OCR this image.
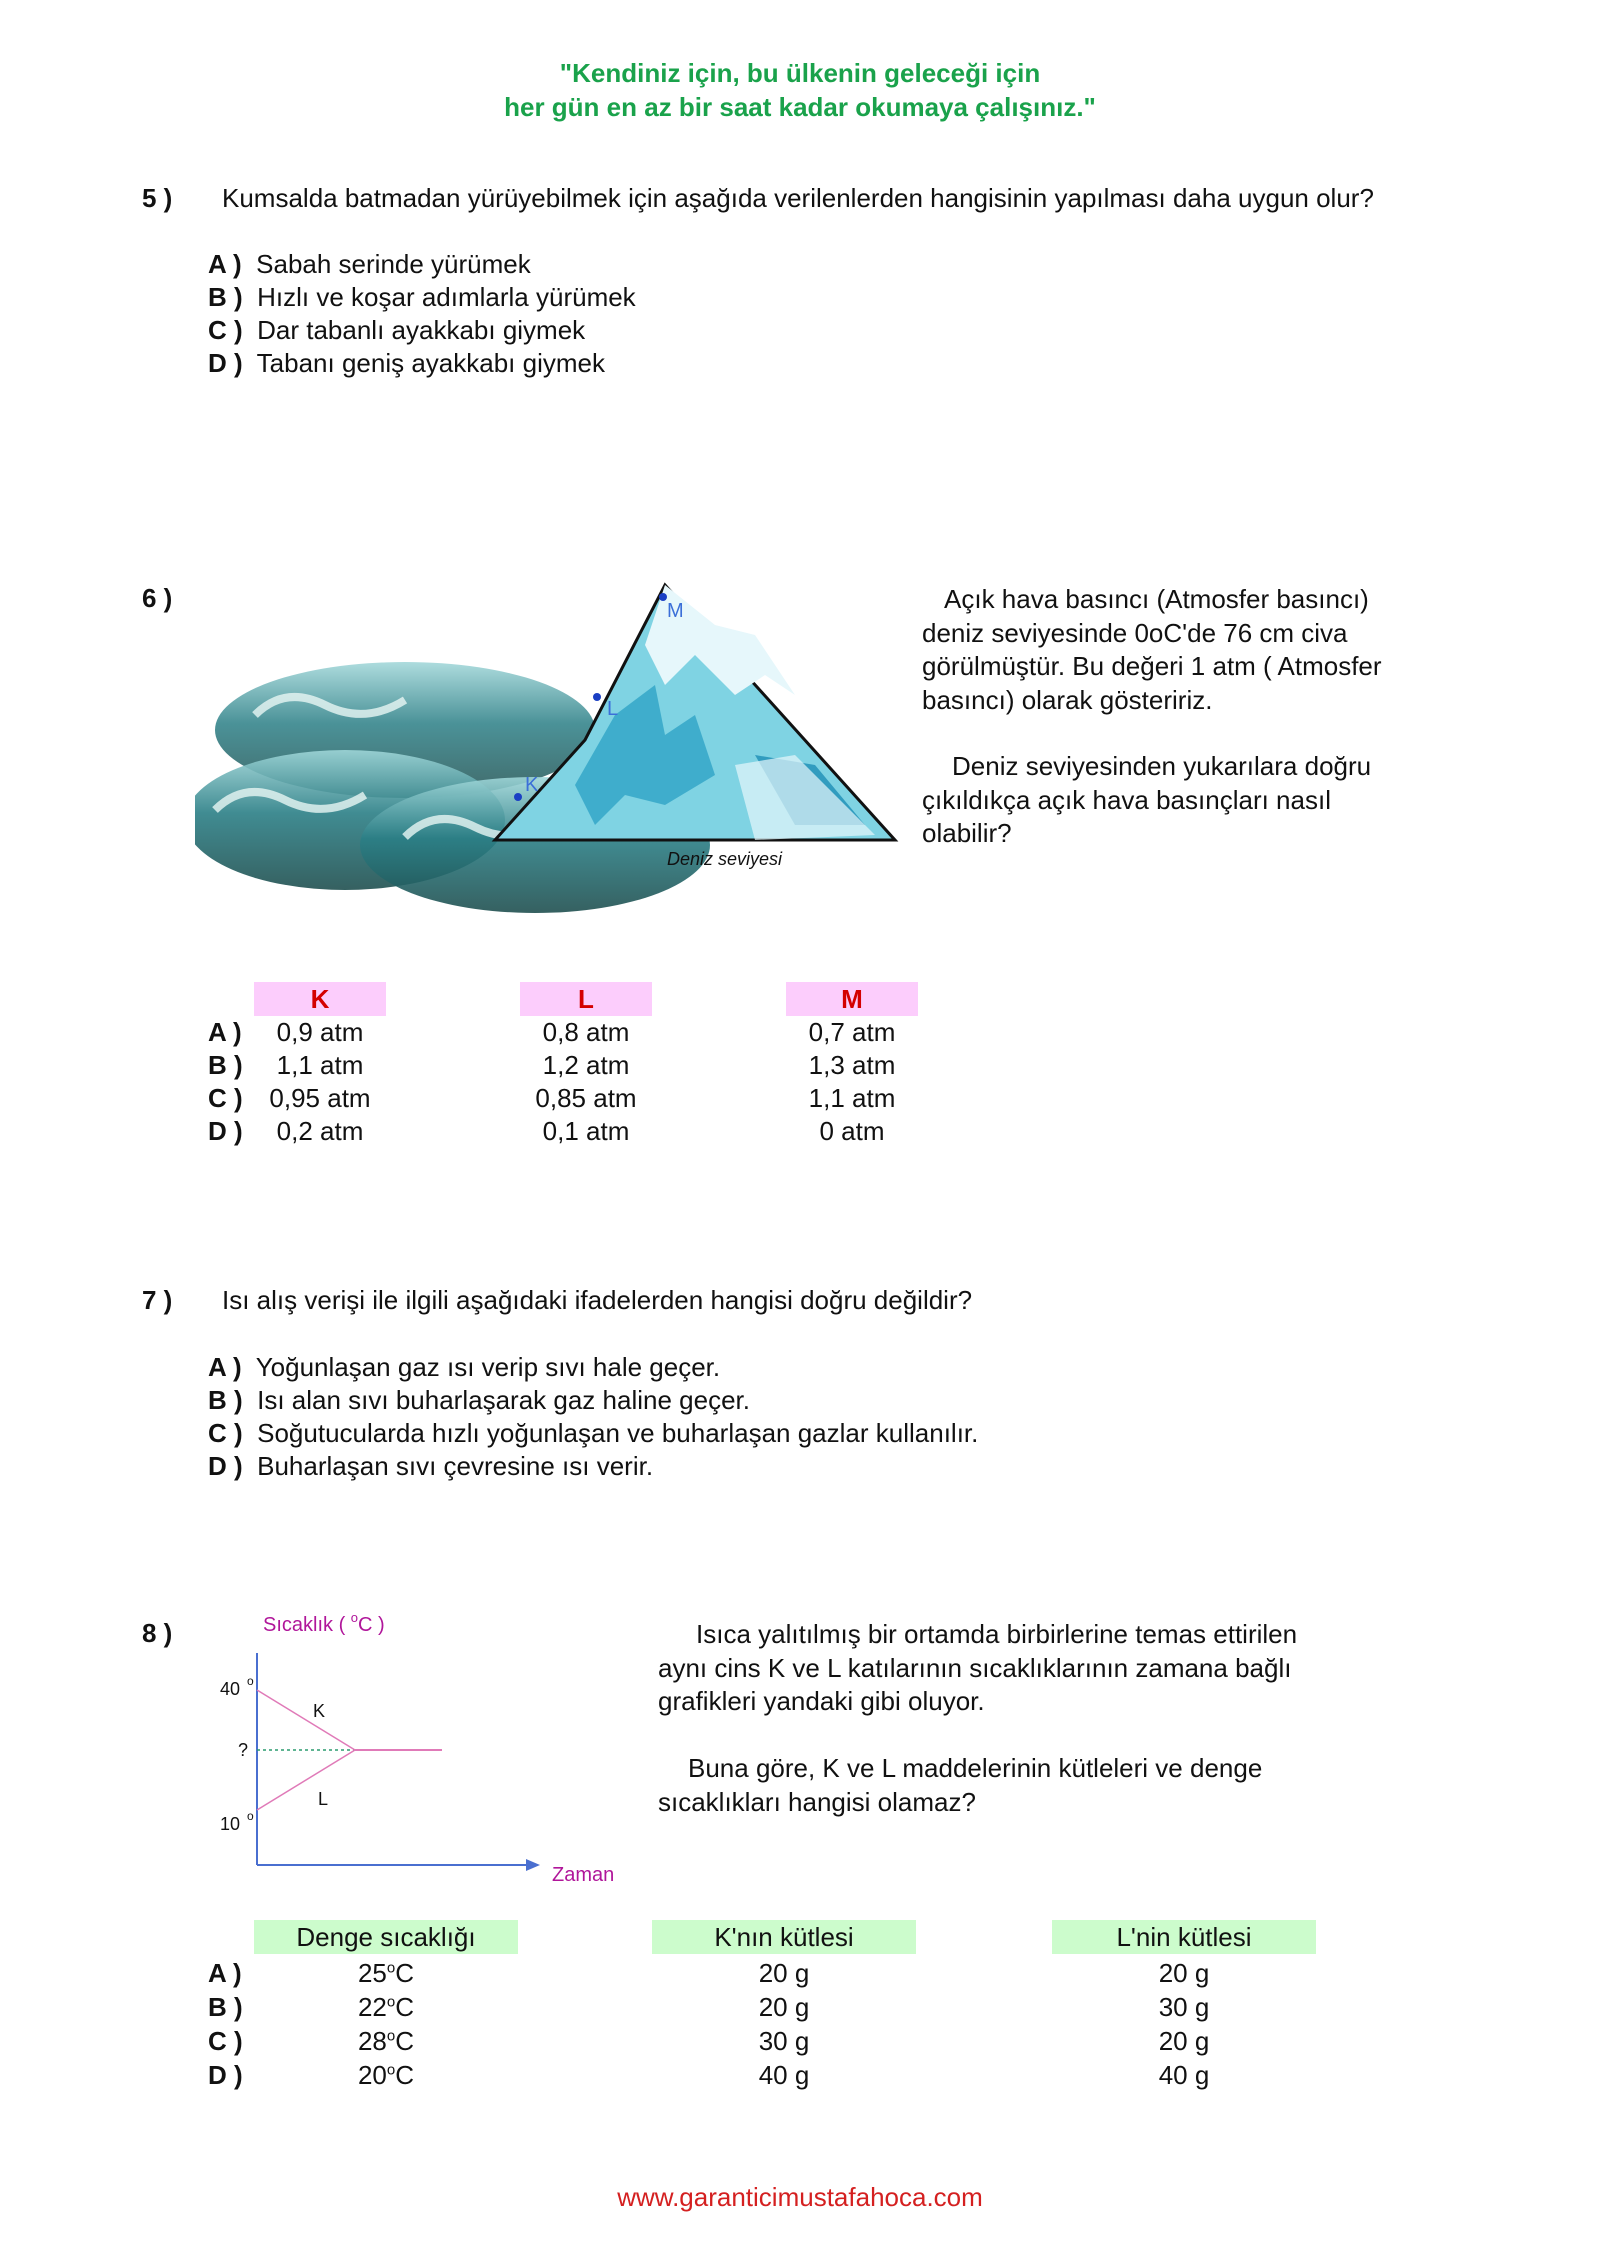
"Kendiniz için, bu ülkenin geleceği için
her gün en az bir saat kadar okumaya çalışınız."
5 ) Kumsalda batmadan yürüyebilmek için aşağıda verilenlerden hangisinin yapılması daha uygun olur?
A ) Sabah serinde yürümek
B ) Hızlı ve koşar adımlarla yürümek
C ) Dar tabanlı ayakkabı giymek
D ) Tabanı geniş ayakkabı giymek
6 )	M
L
K
Deniz seviyesi
Açık hava basıncı (Atmosfer basıncı) deniz seviyesinde 0oC'de 76 cm civa görülmüştür. Bu değeri 1 atm ( Atmosfer basıncı) olarak gösteririz.
Deniz seviyesinden yukarılara doğru çıkıldıkça açık hava basınçları nasıl olabilir?
K	L	M
A )	0,9 atm	0,8 atm	0,7 atm
B )	1,1 atm	1,2 atm	1,3 atm
C )	0,95 atm	0,85 atm	1,1 atm
D )	0,2 atm	0,1 atm	0 atm
7 ) Isı alış verişi ile ilgili aşağıdaki ifadelerden hangisi doğru değildir?
A ) Yoğunlaşan gaz ısı verip sıvı hale geçer.
B ) Isı alan sıvı buharlaşarak gaz haline geçer.
C ) Soğutucularda hızlı yoğunlaşan ve buharlaşan gazlar kullanılır.
D ) Buharlaşan sıvı çevresine ısı verir.
8 )	Sıcaklık ( $^o$C )
Zaman
40 o
?
10 o
K
L
Isıca yalıtılmış bir ortamda birbirlerine temas ettirilen aynı cins K ve L katılarının sıcaklıklarının zamana bağlı grafikleri yandaki gibi oluyor.
Buna göre, K ve L maddelerinin kütleleri ve denge sıcaklıkları hangisi olamaz?
Denge sıcaklığı	K'nın kütlesi	L'nin kütlesi
A )	25$^o$C	20 g	20 g
B )	22$^o$C	20 g	30 g
C )	28$^o$C	30 g	20 g
D )	20$^o$C	40 g	40 g
www.garanticimustafahoca.com
